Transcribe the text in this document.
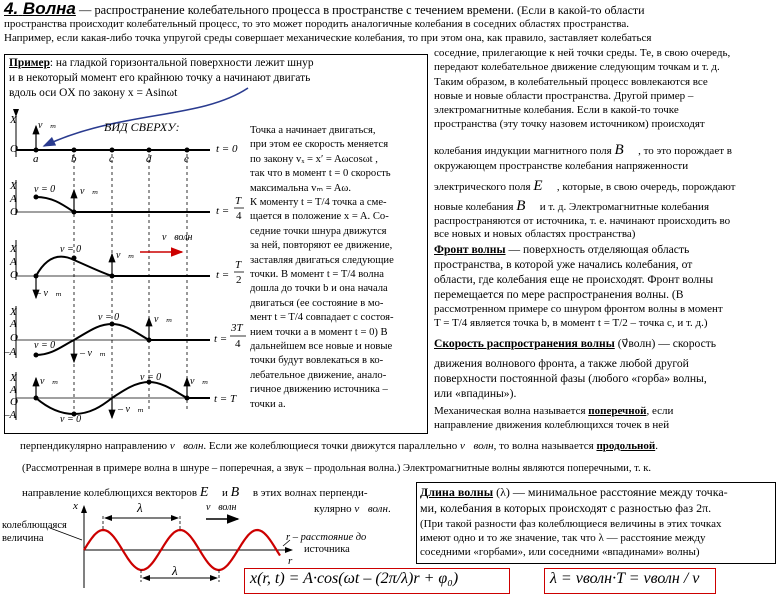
4. Волна — распространение колебательного процесса в пространстве с течением времени. (Если в какой-то области
пространства происходит колебательный процесс, то это может породить аналогичные колебания в соседних областях пространства.
Например, если какая-либо точка упругой среды совершает механические колебания, то при этом она, как правило, заставляет колебаться
соседние, прилегающие к ней точки среды. Те, в свою очередь,
передают колебательное движение следующим точкам и т. д.
Таким образом, в колебательный процесс вовлекаются все
новые и новые области пространства. Другой пример –
электромагнитные колебания. Если в какой-то точке
пространства (эту точку назовем источником) происходят
колебания индукции магнитного поля B⃗ , то это порождает в
окружающем пространстве колебания напряженности
электрического поля E⃗ , которые, в свою очередь, порождают
новые колебания B⃗ и т. д. Электромагнитные колебания
распространяются от источника, т. е. начинают происходить во
все новых и новых областях пространства)
Фронт волны — поверхность отделяющая область
пространства, в которой уже начались колебания, от
области, где колебания еще не происходят. Фронт волны
перемещается по мере распространения волны. (В
рассмотренном примере со шнуром фронтом волны в момент
T = T/4 является точка b, в момент t = T/2 – точка c, и т. д.)
Скорость распространения волны (v⃗волн) — скорость
движения волнового фронта, а также любой другой
поверхности постоянной фазы (любого «горба» волны,
или «впадины»).
Механическая волна называется поперечной, если
направление движения колеблющихся точек в ней
Пример: на гладкой горизонтальной поверхности лежит шнур
и в некоторый момент его крайнюю точку a начинают двигать
вдоль оси OX по закону x = Asinωt
Точка a начинает двигаться,
при этом ее скорость меняется
по закону vₓ = x′ = Aωcosωt ,
так что в момент t = 0 скорость
максимальна vₘ = Aω.
К моменту t = T/4 точка a сме-
щается в положение x = A. Со-
седние точки шнура движутся
за ней, повторяют ее движение,
заставляя двигаться следующие
точки. В момент t = T/4 волна
дошла до точки b и она начала
двигаться (ее состояние в мо-
мент t = T/4 совпадает с состоя-
нием точки a в момент t = 0) В
дальнейшем все новые и новые
точки будут вовлекаться в ко-
лебательное движение, анало-
гичное движению источника –
точки a.
ВИД СВЕРХУ:
X
O
v⃗ₘ
a	b	c	d	e
t = 0
X
A
O
v = 0 v⃗ₘ
t =
T
4
X
A
O
v = 0
v⃗ₘ
– v⃗ₘ
v⃗волн
t =
T
2
X
A
O
–A
v = 0
v = 0	v⃗ₘ
– v⃗ₘ
t =
3T
4
X
A
O
–A
v⃗ₘ
v = 0
– v⃗ₘ
v = 0	v⃗ₘ
t = T
перпендикулярно направлению v⃗волн. Если же колеблющиеся точки движутся параллельно v⃗волн, то волна называется продольной.
(Рассмотренная в примере волна в шнуре – поперечная, а звук – продольная волна.) Электромагнитные волны являются поперечными, т. к.
направление колеблющихся векторов E⃗ и B⃗ в этих волнах перпенди-
кулярно v⃗волн.
Длина волны (λ) — минимальное расстояние между точка-
ми, колебания в которых происходят с разностью фаз 2π.
(При такой разности фаз колеблющиеся величины в этих точках
имеют одно и то же значение, так что λ — расстояние между
соседними «горбами», или соседними «впадинами» волны)
x
колеблющаяся
величина
λ
λ
v⃗волн
r – расстояние до
источника
r
x(r, t) = A·cos(ωt – (2π/λ)r + φ₀)	λ = vволн·T = vволн / ν
